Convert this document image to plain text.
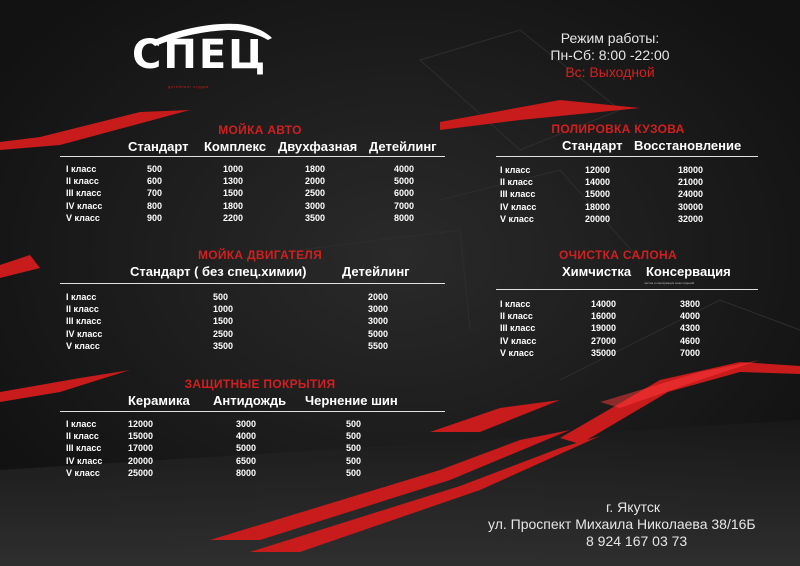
СПЕЦ
детейлинг студия
Режим работы:
Пн-Сб: 8:00 -22:00
Вс: Выходной
МОЙКА АВТО
Стандарт Комплекс Двухфазная Детейлинг
I класс	500	1000	1800	4000
II класс	600	1300	2000	5000
III класс	700	1500	2500	6000
IV класс	800	1800	3000	7000
V класс	900	2200	3500	8000
МОЙКА ДВИГАТЕЛЯ
Стандарт ( без спец.химии)	Детейлинг
I класс	500	2000
II класс	1000	3000
III класс	1500	3000
IV класс	2500	5000
V класс	3500	5500
ЗАЩИТНЫЕ ПОКРЫТИЯ
Керамика Антидождь Чернение шин
I класс	12000	3000	500
II класс	15000	4000	500
III класс	17000	5000	500
IV класс	20000	6500	500
V класс	25000	8000	500
ПОЛИРОВКА КУЗОВА
Стандарт Восстановление
I класс	12000	18000
II класс	14000	21000
III класс	15000	24000
IV класс	18000	30000
V класс	20000	32000
ОЧИСТКА САЛОНА
Химчистка Консервация
чистка и консервация кожи сидений
I класс	14000	3800
II класс	16000	4000
III класс	19000	4300
IV класс	27000	4600
V класс	35000	7000
г. Якутск
ул. Проспект Михаила Николаева 38/16Б
8 924 167 03 73
